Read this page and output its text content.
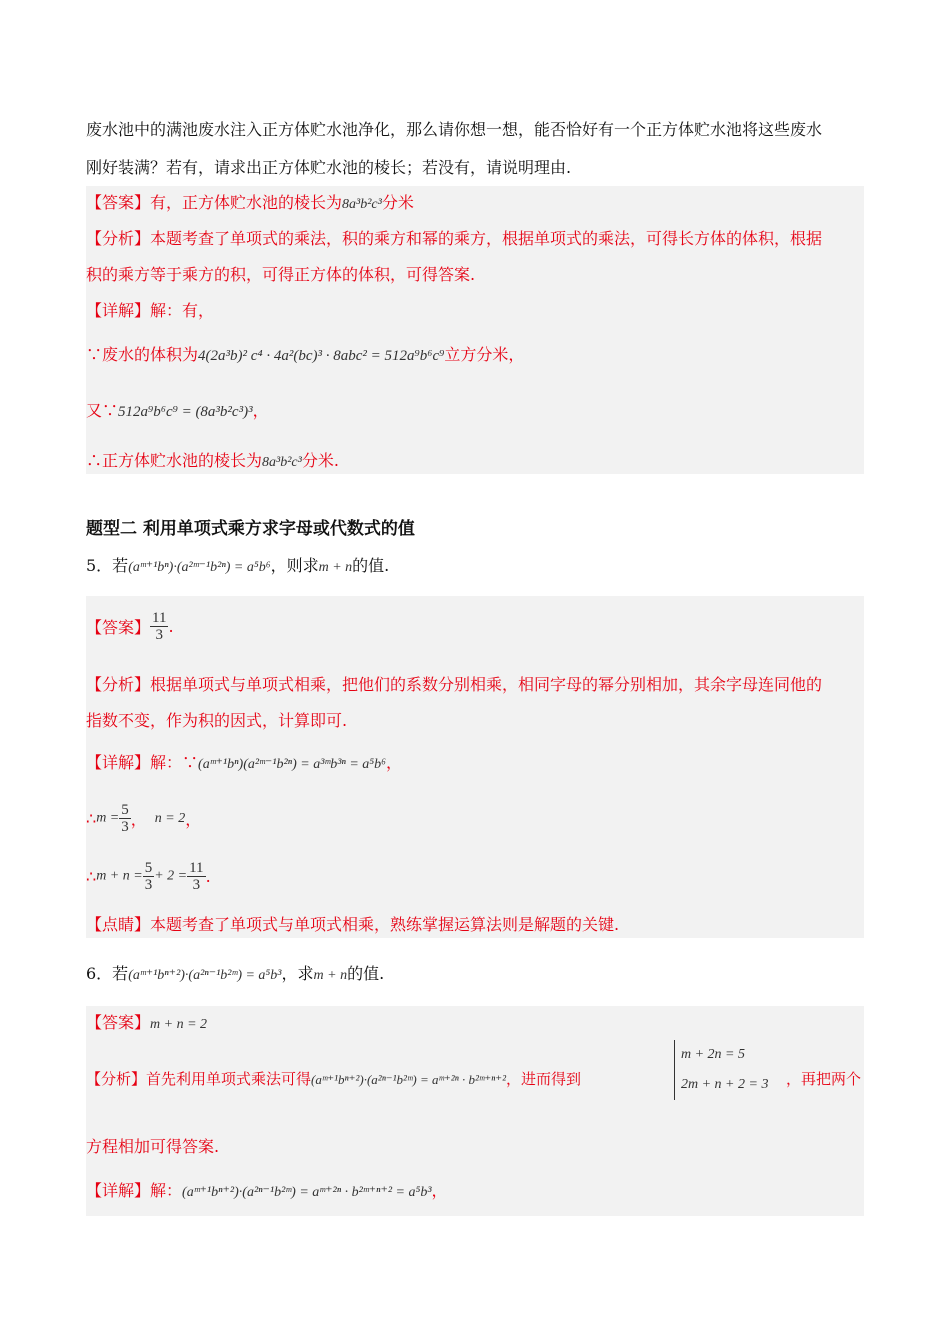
废水池中的满池废水注入正方体贮水池净化，那么请你想一想，能否恰好有一个正方体贮水池将这些废水
刚好装满？若有，请求出正方体贮水池的棱长；若没有，请说明理由.
【答案】有，正方体贮水池的棱长为8a³b²c³分米
【分析】本题考查了单项式的乘法，积的乘方和幂的乘方，根据单项式的乘法，可得长方体的体积，根据
积的乘方等于乘方的积，可得正方体的体积，可得答案.
【详解】解：有，
∵废水的体积为4(2a³b)² c⁴ · 4a²(bc)³ · 8abc² = 512a⁹b⁶c⁹立方分米，
又∵512a⁹b⁶c⁹ = (8a³b²c³)³，
∴正方体贮水池的棱长为8a³b²c³分米.
题型二 利用单项式乘方求字母或代数式的值
5．若(aᵐ⁺¹bⁿ)·(a²ᵐ⁻¹b²ⁿ) = a⁵b⁶，则求m + n的值.
【答案】 $\frac{11}{3}$ .
【分析】根据单项式与单项式相乘，把他们的系数分别相乘，相同字母的幂分别相加，其余字母连同他的
指数不变，作为积的因式，计算即可.
【详解】解：∵(aᵐ⁺¹bⁿ)(a²ᵐ⁻¹b²ⁿ) = a³ᵐb³ⁿ = a⁵b⁶，
∴m = $\frac{5}{3}$ ， n = 2，
∴m + $n = \frac{5}{3} + 2 = \frac{11}{3}$ .
【点睛】本题考查了单项式与单项式相乘，熟练掌握运算法则是解题的关键.
6．若(aᵐ⁺¹bⁿ⁺²)·(a²ⁿ⁻¹b²ᵐ) = a⁵b³，求m + n的值.
【答案】m + n = 2
【分析】首先利用单项式乘法可得(aᵐ⁺¹bⁿ⁺²)·(a²ⁿ⁻¹b²ᵐ) = aᵐ⁺²ⁿ · b²ᵐ⁺ⁿ⁺²，进而得到
m + 2n = 5
2m + n + 2 = 3 ，再把两个
方程相加可得答案.
【详解】解：(aᵐ⁺¹bⁿ⁺²)·(a²ⁿ⁻¹b²ᵐ) = aᵐ⁺²ⁿ · b²ᵐ⁺ⁿ⁺² = a⁵b³，
